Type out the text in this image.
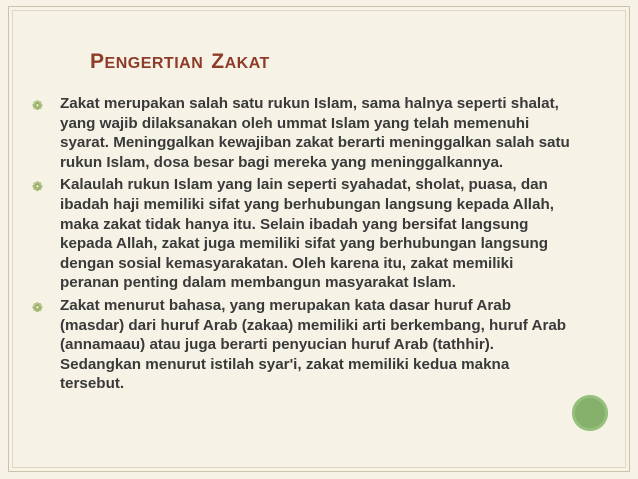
PENGERTIAN ZAKAT
❁ Zakat merupakan salah satu rukun Islam, sama halnya seperti shalat, yang wajib dilaksanakan oleh ummat Islam yang telah memenuhi syarat. Meninggalkan kewajiban zakat berarti meninggalkan salah satu rukun Islam, dosa besar bagi mereka yang meninggalkannya.
❁ Kalaulah rukun Islam yang lain seperti syahadat, sholat, puasa, dan ibadah haji memiliki sifat yang berhubungan langsung kepada Allah, maka zakat tidak hanya itu. Selain ibadah yang bersifat langsung kepada Allah, zakat juga memiliki sifat yang berhubungan langsung dengan sosial kemasyarakatan. Oleh karena itu, zakat memiliki peranan penting dalam membangun masyarakat Islam.
❁ Zakat menurut bahasa, yang merupakan kata dasar huruf Arab (masdar) dari huruf Arab (zakaa) memiliki arti berkembang, huruf Arab (annamaau) atau juga berarti penyucian huruf Arab (tathhir). Sedangkan menurut istilah syar'i, zakat memiliki kedua makna tersebut.
